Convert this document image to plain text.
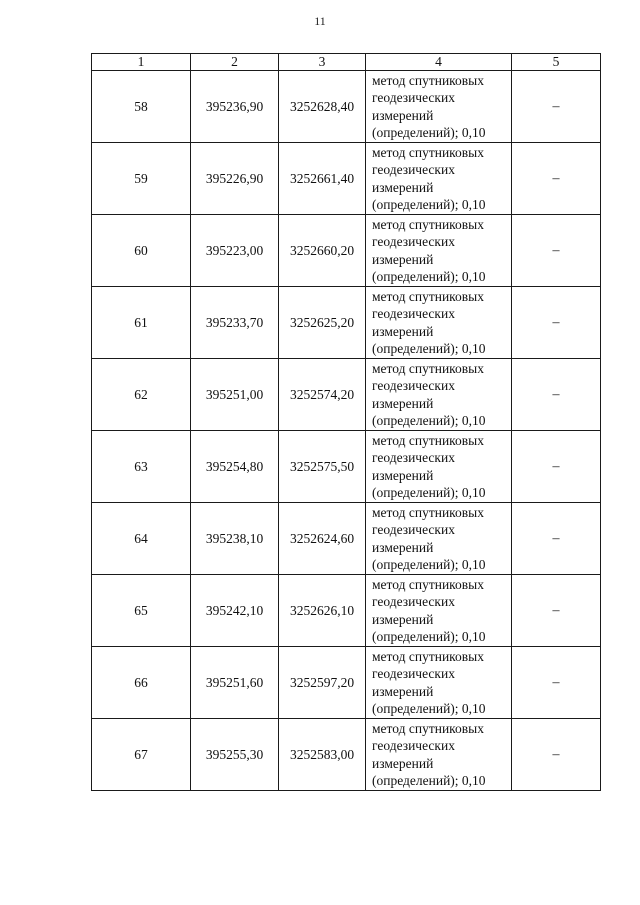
11
1	2	3	4	5
58	395236,90	3252628,40	метод спутниковых
геодезических
измерений
(определений); 0,10	–
59	395226,90	3252661,40	метод спутниковых
геодезических
измерений
(определений); 0,10	–
60	395223,00	3252660,20	метод спутниковых
геодезических
измерений
(определений); 0,10	–
61	395233,70	3252625,20	метод спутниковых
геодезических
измерений
(определений); 0,10	–
62	395251,00	3252574,20	метод спутниковых
геодезических
измерений
(определений); 0,10	–
63	395254,80	3252575,50	метод спутниковых
геодезических
измерений
(определений); 0,10	–
64	395238,10	3252624,60	метод спутниковых
геодезических
измерений
(определений); 0,10	–
65	395242,10	3252626,10	метод спутниковых
геодезических
измерений
(определений); 0,10	–
66	395251,60	3252597,20	метод спутниковых
геодезических
измерений
(определений); 0,10	–
67	395255,30	3252583,00	метод спутниковых
геодезических
измерений
(определений); 0,10	–
